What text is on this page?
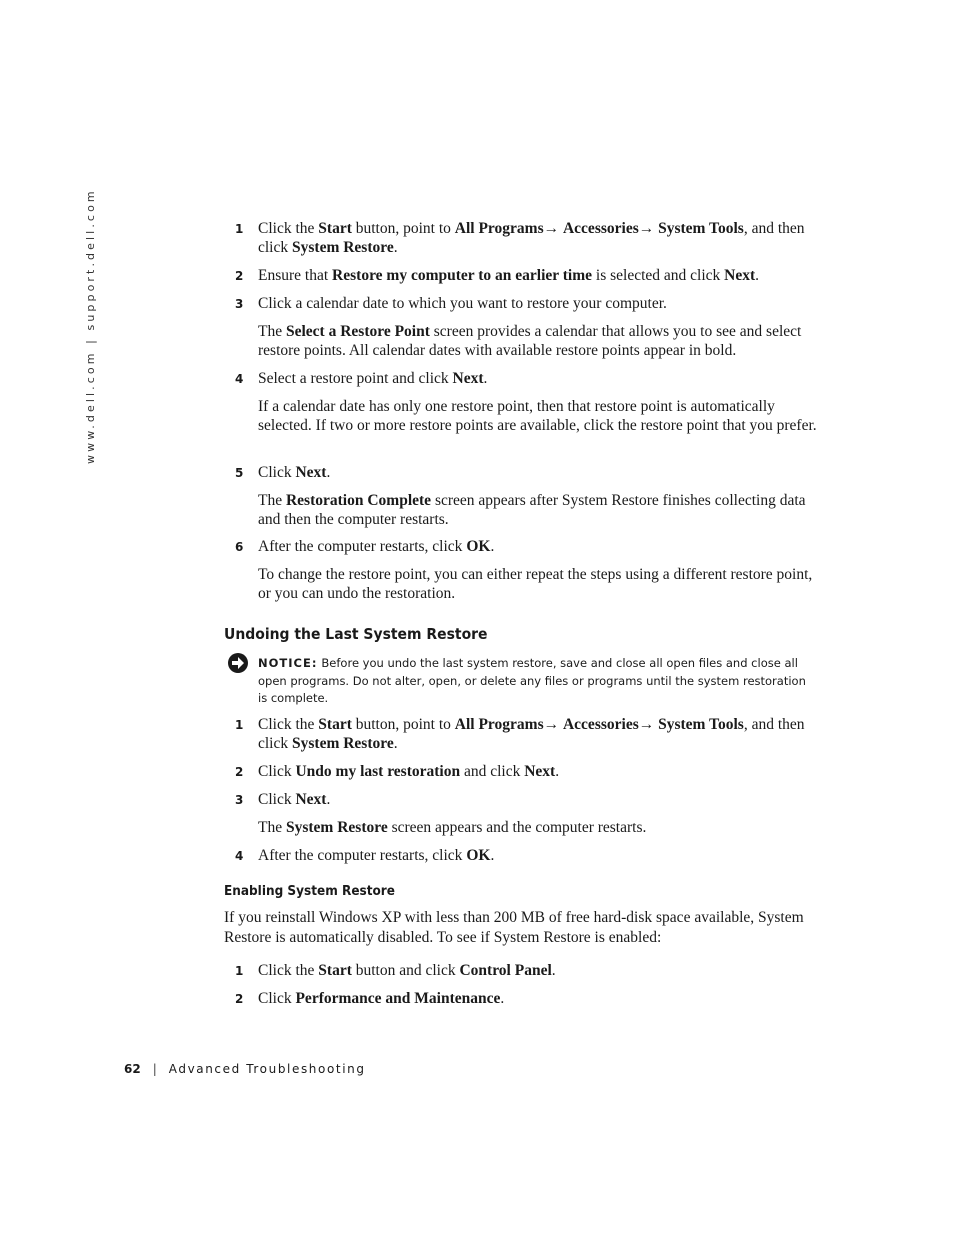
www.dell.com | support.dell.com	1 Click the Start button, point to All Programs→ Accessories→ System Tools, and then click System Restore.
2 Ensure that Restore my computer to an earlier time is selected and click Next.
3 Click a calendar date to which you want to restore your computer.
The Select a Restore Point screen provides a calendar that allows you to see and select restore points. All calendar dates with available restore points appear in bold.
4 Select a restore point and click Next.
If a calendar date has only one restore point, then that restore point is automatically selected. If two or more restore points are available, click the restore point that you prefer.
5 Click Next.
The Restoration Complete screen appears after System Restore finishes collecting data and then the computer restarts.
6 After the computer restarts, click OK.
To change the restore point, you can either repeat the steps using a different restore point, or you can undo the restoration.
Undoing the Last System Restore
NOTICE: Before you undo the last system restore, save and close all open files and close all open programs. Do not alter, open, or delete any files or programs until the system restoration is complete.
1 Click the Start button, point to All Programs→ Accessories→ System Tools, and then click System Restore.
2 Click Undo my last restoration and click Next.
3 Click Next.
The System Restore screen appears and the computer restarts.
4 After the computer restarts, click OK.
Enabling System Restore
If you reinstall Windows XP with less than 200 MB of free hard-disk space available, System Restore is automatically disabled. To see if System Restore is enabled:
1 Click the Start button and click Control Panel.
2 Click Performance and Maintenance.
62 | Advanced Troubleshooting
